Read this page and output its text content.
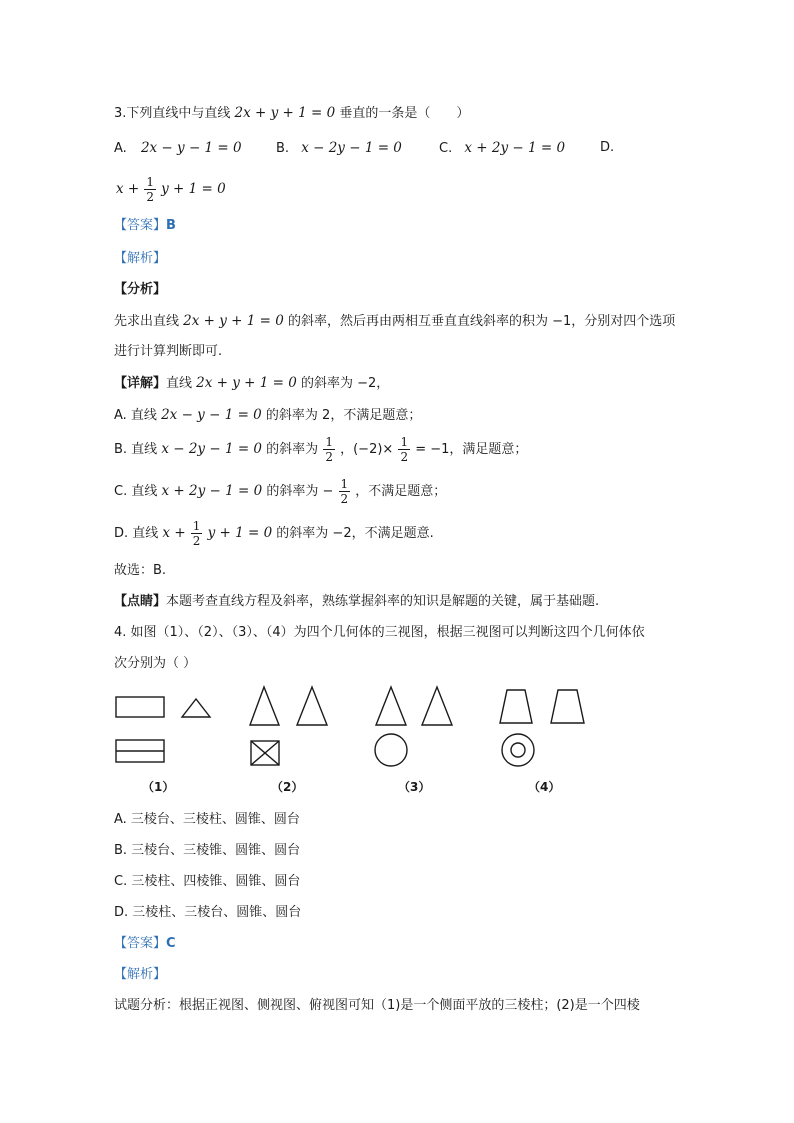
3.下列直线中与直线 2x + y + 1 = 0 垂直的一条是（　　）
A. 2x − y − 1 = 0	B. x − 2y − 1 = 0	C. x + 2y − 1 = 0	D.
$x + \frac{1}{2}$ y + 1 = 0
【答案】B
【解析】
【分析】
先求出直线 2x + y + 1 = 0 的斜率，然后再由两相互垂直直线斜率的积为 −1，分别对四个选项
进行计算判断即可.
【详解】直线 2x + y + 1 = 0 的斜率为 −2，
A. 直线 2x − y − 1 = 0 的斜率为 2，不满足题意；
B. 直线 x − 2y − 1 = 0 的斜率为 $\frac{1}{2}$ ，$(-2)\times \frac{1}{2} = -1$，满足题意；
C. 直线 x + 2y − 1 = 0 的斜率为 − $\frac{1}{2}$ ，不满足题意；
D. 直线 $x + \frac{1}{2}$ y + 1 = 0 的斜率为 −2，不满足题意.
故选：B.
【点睛】本题考查直线方程及斜率，熟练掌握斜率的知识是解题的关键，属于基础题.
4. 如图（1）、（2）、（3）、（4）为四个几何体的三视图，根据三视图可以判断这四个几何体依
次分别为（ ）
（1）	（2）	（3）	（4）
A. 三棱台、三棱柱、圆锥、圆台
B. 三棱台、三棱锥、圆锥、圆台
C. 三棱柱、四棱锥、圆锥、圆台
D. 三棱柱、三棱台、圆锥、圆台
【答案】C
【解析】
试题分析：根据正视图、侧视图、俯视图可知（1)是一个侧面平放的三棱柱；(2)是一个四棱
